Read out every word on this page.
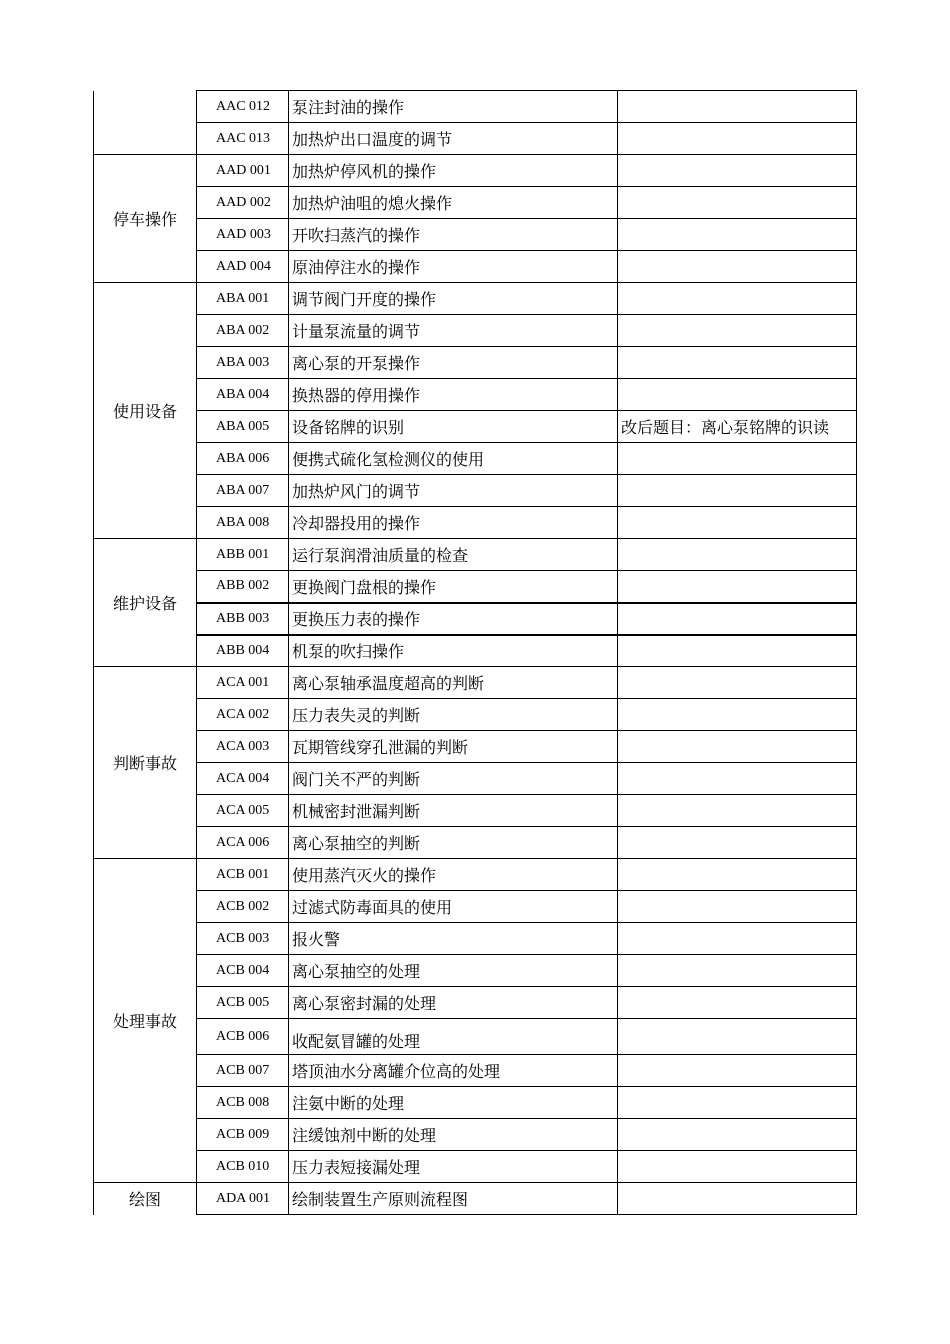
	AAC 012	泵注封油的操作	
	AAC 013	加热炉出口温度的调节	
停车操作	AAD 001	加热炉停风机的操作	
	AAD 002	加热炉油咀的熄火操作	
	AAD 003	开吹扫蒸汽的操作	
	AAD 004	原油停注水的操作	
使用设备	ABA 001	调节阀门开度的操作	
	ABA 002	计量泵流量的调节	
	ABA 003	离心泵的开泵操作	
	ABA 004	换热器的停用操作	
	ABA 005	设备铭牌的识别	改后题目：离心泵铭牌的识读
	ABA 006	便携式硫化氢检测仪的使用	
	ABA 007	加热炉风门的调节	
	ABA 008	冷却器投用的操作	
维护设备	ABB 001	运行泵润滑油质量的检查	
	ABB 002	更换阀门盘根的操作	
	ABB 003	更换压力表的操作	
	ABB 004	机泵的吹扫操作	
判断事故	ACA 001	离心泵轴承温度超高的判断	
	ACA 002	压力表失灵的判断	
	ACA 003	瓦期管线穿孔泄漏的判断	
	ACA 004	阀门关不严的判断	
	ACA 005	机械密封泄漏判断	
	ACA 006	离心泵抽空的判断	
处理事故	ACB 001	使用蒸汽灭火的操作	
	ACB 002	过滤式防毒面具的使用	
	ACB 003	报火警	
	ACB 004	离心泵抽空的处理	
	ACB 005	离心泵密封漏的处理	
	ACB 006	收配氨冒罐的处理	
	ACB 007	塔顶油水分离罐介位高的处理	
	ACB 008	注氨中断的处理	
	ACB 009	注缓蚀剂中断的处理	
	ACB 010	压力表短接漏处理	
绘图	ADA 001	绘制装置生产原则流程图	
